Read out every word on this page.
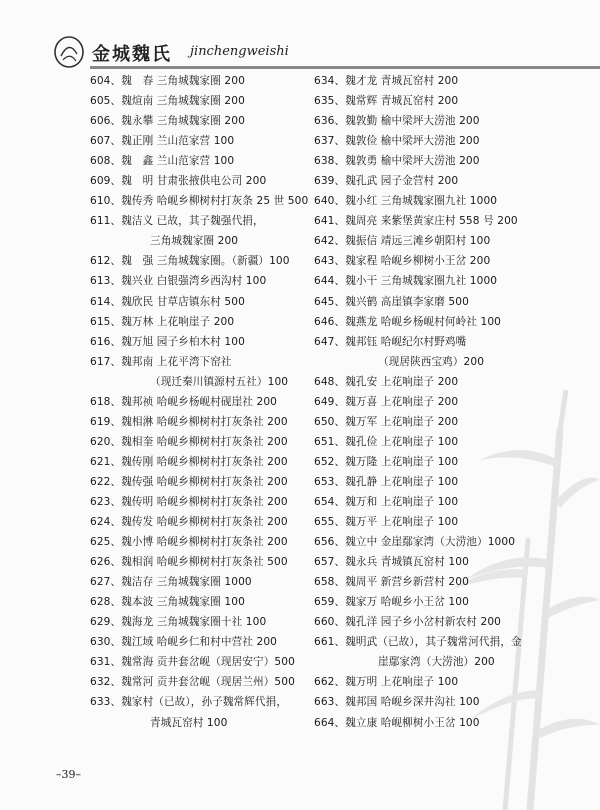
金城魏氏 jinchengweishi
604、魏　春 三角城魏家圈 200
605、魏煊南 三角城魏家圈 200
606、魏永攀 三角城魏家圈 200
607、魏正刚 兰山范家营 100
608、魏　鑫 兰山范家营 100
609、魏　明 甘肃张掖供电公司 200
610、魏传秀 哈岘乡柳树村打灰条 25 世 500
611、魏洁义 已故，其子魏强代捐，
三角城魏家圈 200
612、魏　强 三角城魏家圈。（新疆）100
613、魏兴业 白银强湾乡西沟村 100
614、魏欣民 甘草店镇东村 500
615、魏万林 上花响崖子 200
616、魏万旭 园子乡柏木村 100
617、魏邦南 上花平湾下窑社
（现迁秦川镇源村五社）100
618、魏邦祯 哈岘乡杨岘村砚崖社 200
619、魏相淋 哈岘乡柳树村打灰条社 200
620、魏相奎 哈岘乡柳树村打灰条社 200
621、魏传刚 哈岘乡柳树村打灰条社 200
622、魏传强 哈岘乡柳树村打灰条社 200
623、魏传明 哈岘乡柳树村打灰条社 200
624、魏传发 哈岘乡柳树村打灰条社 200
625、魏小博 哈岘乡柳树村打灰条社 200
626、魏相润 哈岘乡柳树村打灰条社 500
627、魏洁存 三角城魏家圈 1000
628、魏本波 三角城魏家圈 100
629、魏海龙 三角城魏家圈十社 100
630、魏江域 哈岘乡仁和村中营社 200
631、魏常海 贡井套岔岘（现居安宁）500
632、魏常河 贡井套岔岘（现居兰州）500
633、魏家村（已故），孙子魏常辉代捐，
青城瓦窑村 100
634、魏才龙 青城瓦窑村 200
635、魏常辉 青城瓦窑村 200
636、魏敦勤 榆中梁坪大涝池 200
637、魏敦俭 榆中梁坪大涝池 200
638、魏敦勇 榆中梁坪大涝池 200
639、魏孔武 园子金营村 200
640、魏小红 三角城魏家圈九社 1000
641、魏周亮 来紫堡黄家庄村 558 号 200
642、魏振信 靖远三滩乡朝阳村 100
643、魏家程 哈岘乡柳树小王岔 200
644、魏小干 三角城魏家圈九社 1000
645、魏兴鹤 高崖镇李家磨 500
646、魏燕龙 哈岘乡杨岘村何岭社 100
647、魏邦钰 哈岘纪尔村野鸡嘴
（现居陕西宝鸡）200
648、魏孔安 上花响崖子 200
649、魏万喜 上花响崖子 200
650、魏万军 上花响崖子 200
651、魏孔俭 上花响崖子 100
652、魏万隆 上花响崖子 100
653、魏孔静 上花响崖子 100
654、魏万和 上花响崖子 100
655、魏万平 上花响崖子 100
656、魏立中 金崖鄢家湾（大涝池）1000
657、魏永兵 青城镇瓦窑村 100
658、魏周平 新营乡新营村 200
659、魏家万 哈岘乡小王岔 100
660、魏孔洋 园子乡小岔村新农村 200
661、魏明武（已故），其子魏常河代捐，金
崖鄢家湾（大涝池）200
662、魏万明 上花响崖子 100
663、魏邦国 哈岘乡深井沟社 100
664、魏立康 哈岘柳树小王岔 100
–39–
